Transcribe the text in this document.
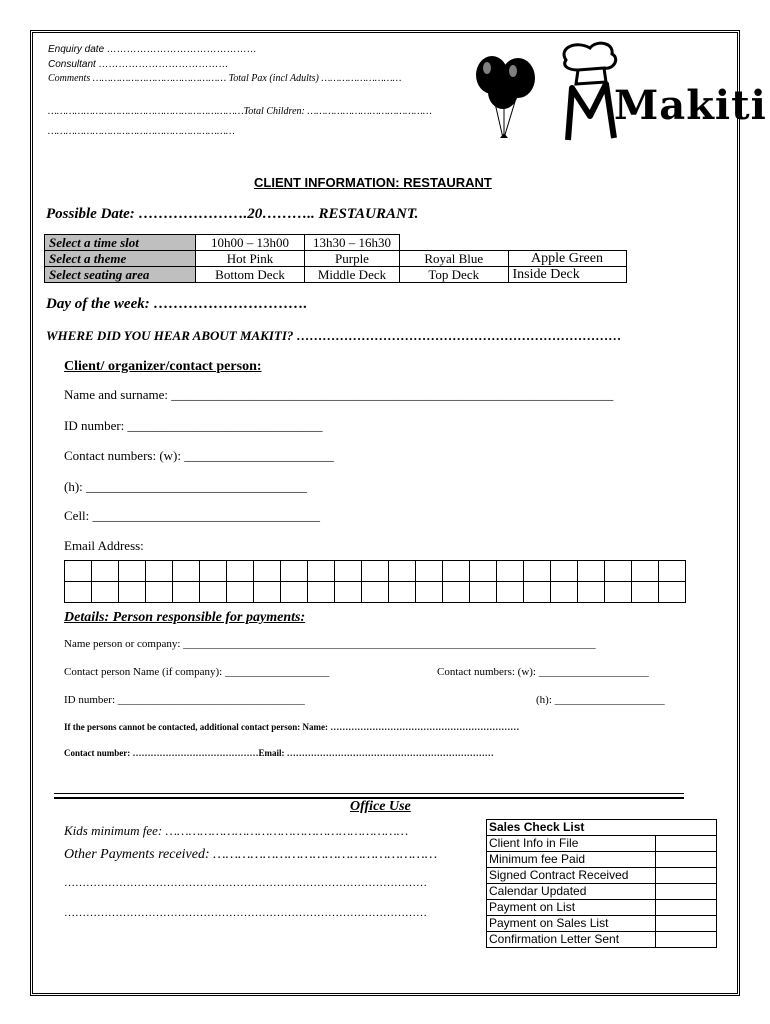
Enquiry date ………………………………………
Consultant …………………………………
Comments ……………………………………… Total Pax (incl Adults) ………………………
…………………………………………………………Total Children: ……………………………………
………………………………………………………
Makiti
CLIENT INFORMATION: RESTAURANT
Possible Date: ………………….20……….. RESTAURANT.
Select a time slot	10h00 – 13h00	13h30 – 16h30		
Select a theme	Hot Pink	Purple	Royal Blue	Apple Green
Select seating area	Bottom Deck	Middle Deck	Top Deck	Inside Deck
Day of the week: ………………………….
WHERE DID YOU HEAR ABOUT MAKITI? …………………………………………………………………
Client/ organizer/contact person:
Name and surname: ____________________________________________________________________
ID number: ______________________________
Contact numbers: (w): _______________________
(h): __________________________________
Cell: ___________________________________
Email Address:

Details: Person responsible for payments:
Name person or company: ___________________________________________________________________________
Contact person Name (if company): ___________________	Contact numbers: (w): ____________________
ID number: __________________________________	(h): ____________________
If the persons cannot be contacted, additional contact person: Name: ………………………………………………………
Contact number: ……………………………………Email: ……………………………………………………………
Office Use
Kids minimum fee: ………………………………………………………
Other Payments received: ………………………………………………
………………………………………………………………………………………
………………………………………………………………………………………
Sales Check List	
Client Info in File	
Minimum fee Paid	
Signed Contract Received	
Calendar Updated	
Payment on List	
Payment on Sales List	
Confirmation Letter Sent	
